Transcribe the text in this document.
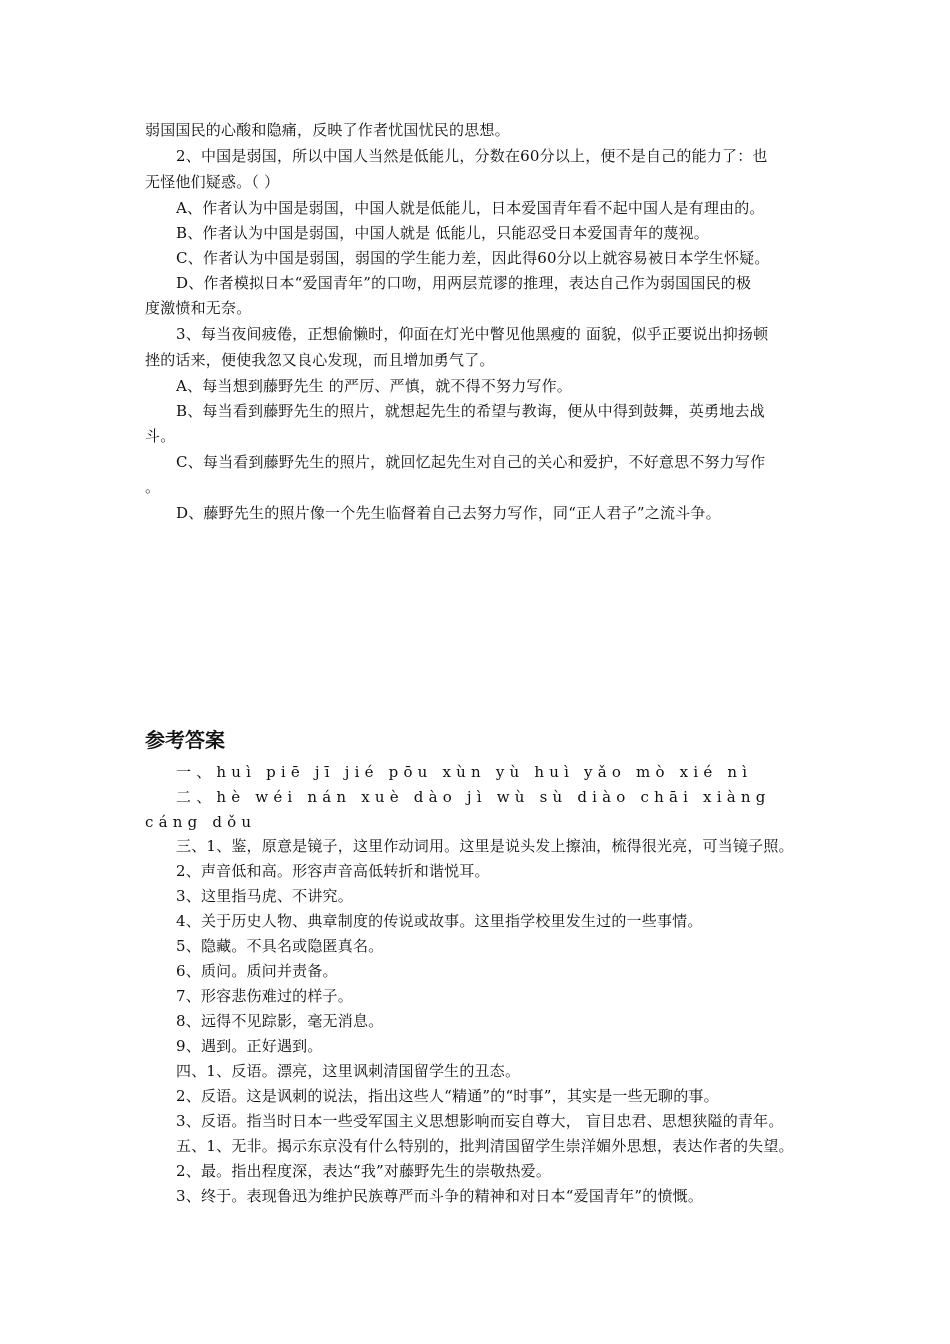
弱国国民的心酸和隐痛，反映了作者忧国忧民的思想。
2、中国是弱国，所以中国人当然是低能儿，分数在60分以上，便不是自己的能力了：也
无怪他们疑惑。（ ）
A、作者认为中国是弱国，中国人就是低能儿，日本爱国青年看不起中国人是有理由的。
B、作者认为中国是弱国，中国人就是 低能儿，只能忍受日本爱国青年的蔑视。
C、作者认为中国是弱国，弱国的学生能力差，因此得60分以上就容易被日本学生怀疑。
D、作者模拟日本“爱国青年”的口吻，用两层荒谬的推理，表达自己作为弱国国民的极
度激愤和无奈。
3、每当夜间疲倦，正想偷懒时，仰面在灯光中瞥见他黑瘦的 面貌，似乎正要说出抑扬顿
挫的话来，便使我忽又良心发现，而且增加勇气了。
A、每当想到藤野先生 的严厉、严慎，就不得不努力写作。
B、每当看到藤野先生的照片，就想起先生的希望与教诲，便从中得到鼓舞，英勇地去战
斗。
C、每当看到藤野先生的照片，就回忆起先生对自己的关心和爱护，不好意思不努力写作
。
D、藤野先生的照片像一个先生临督着自己去努力写作，同“正人君子”之流斗争。
参考答案
一、huì piē jī jié pōu xùn yù huì yǎo mò xié nì
二、hè wéi nán xuè dào jì wù sù diào chāi xiàng
cáng dǒu
三、1、鉴，原意是镜子，这里作动词用。这里是说头发上擦油，梳得很光亮，可当镜子照。
2、声音低和高。形容声音高低转折和谐悦耳。
3、这里指马虎、不讲究。
4、关于历史人物、典章制度的传说或故事。这里指学校里发生过的一些事情。
5、隐藏。不具名或隐匿真名。
6、质问。质问并责备。
7、形容悲伤难过的样子。
8、远得不见踪影，毫无消息。
9、遇到。正好遇到。
四、1、反语。漂亮，这里讽刺清国留学生的丑态。
2、反语。这是讽刺的说法，指出这些人“精通”的“时事”，其实是一些无聊的事。
3、反语。指当时日本一些受军国主义思想影响而妄自尊大， 盲目忠君、思想狭隘的青年。
五、1、无非。揭示东京没有什么特别的，批判清国留学生崇洋媚外思想，表达作者的失望。
2、最。指出程度深，表达“我”对藤野先生的崇敬热爱。
3、终于。表现鲁迅为维护民族尊严而斗争的精神和对日本“爱国青年”的愤慨。
